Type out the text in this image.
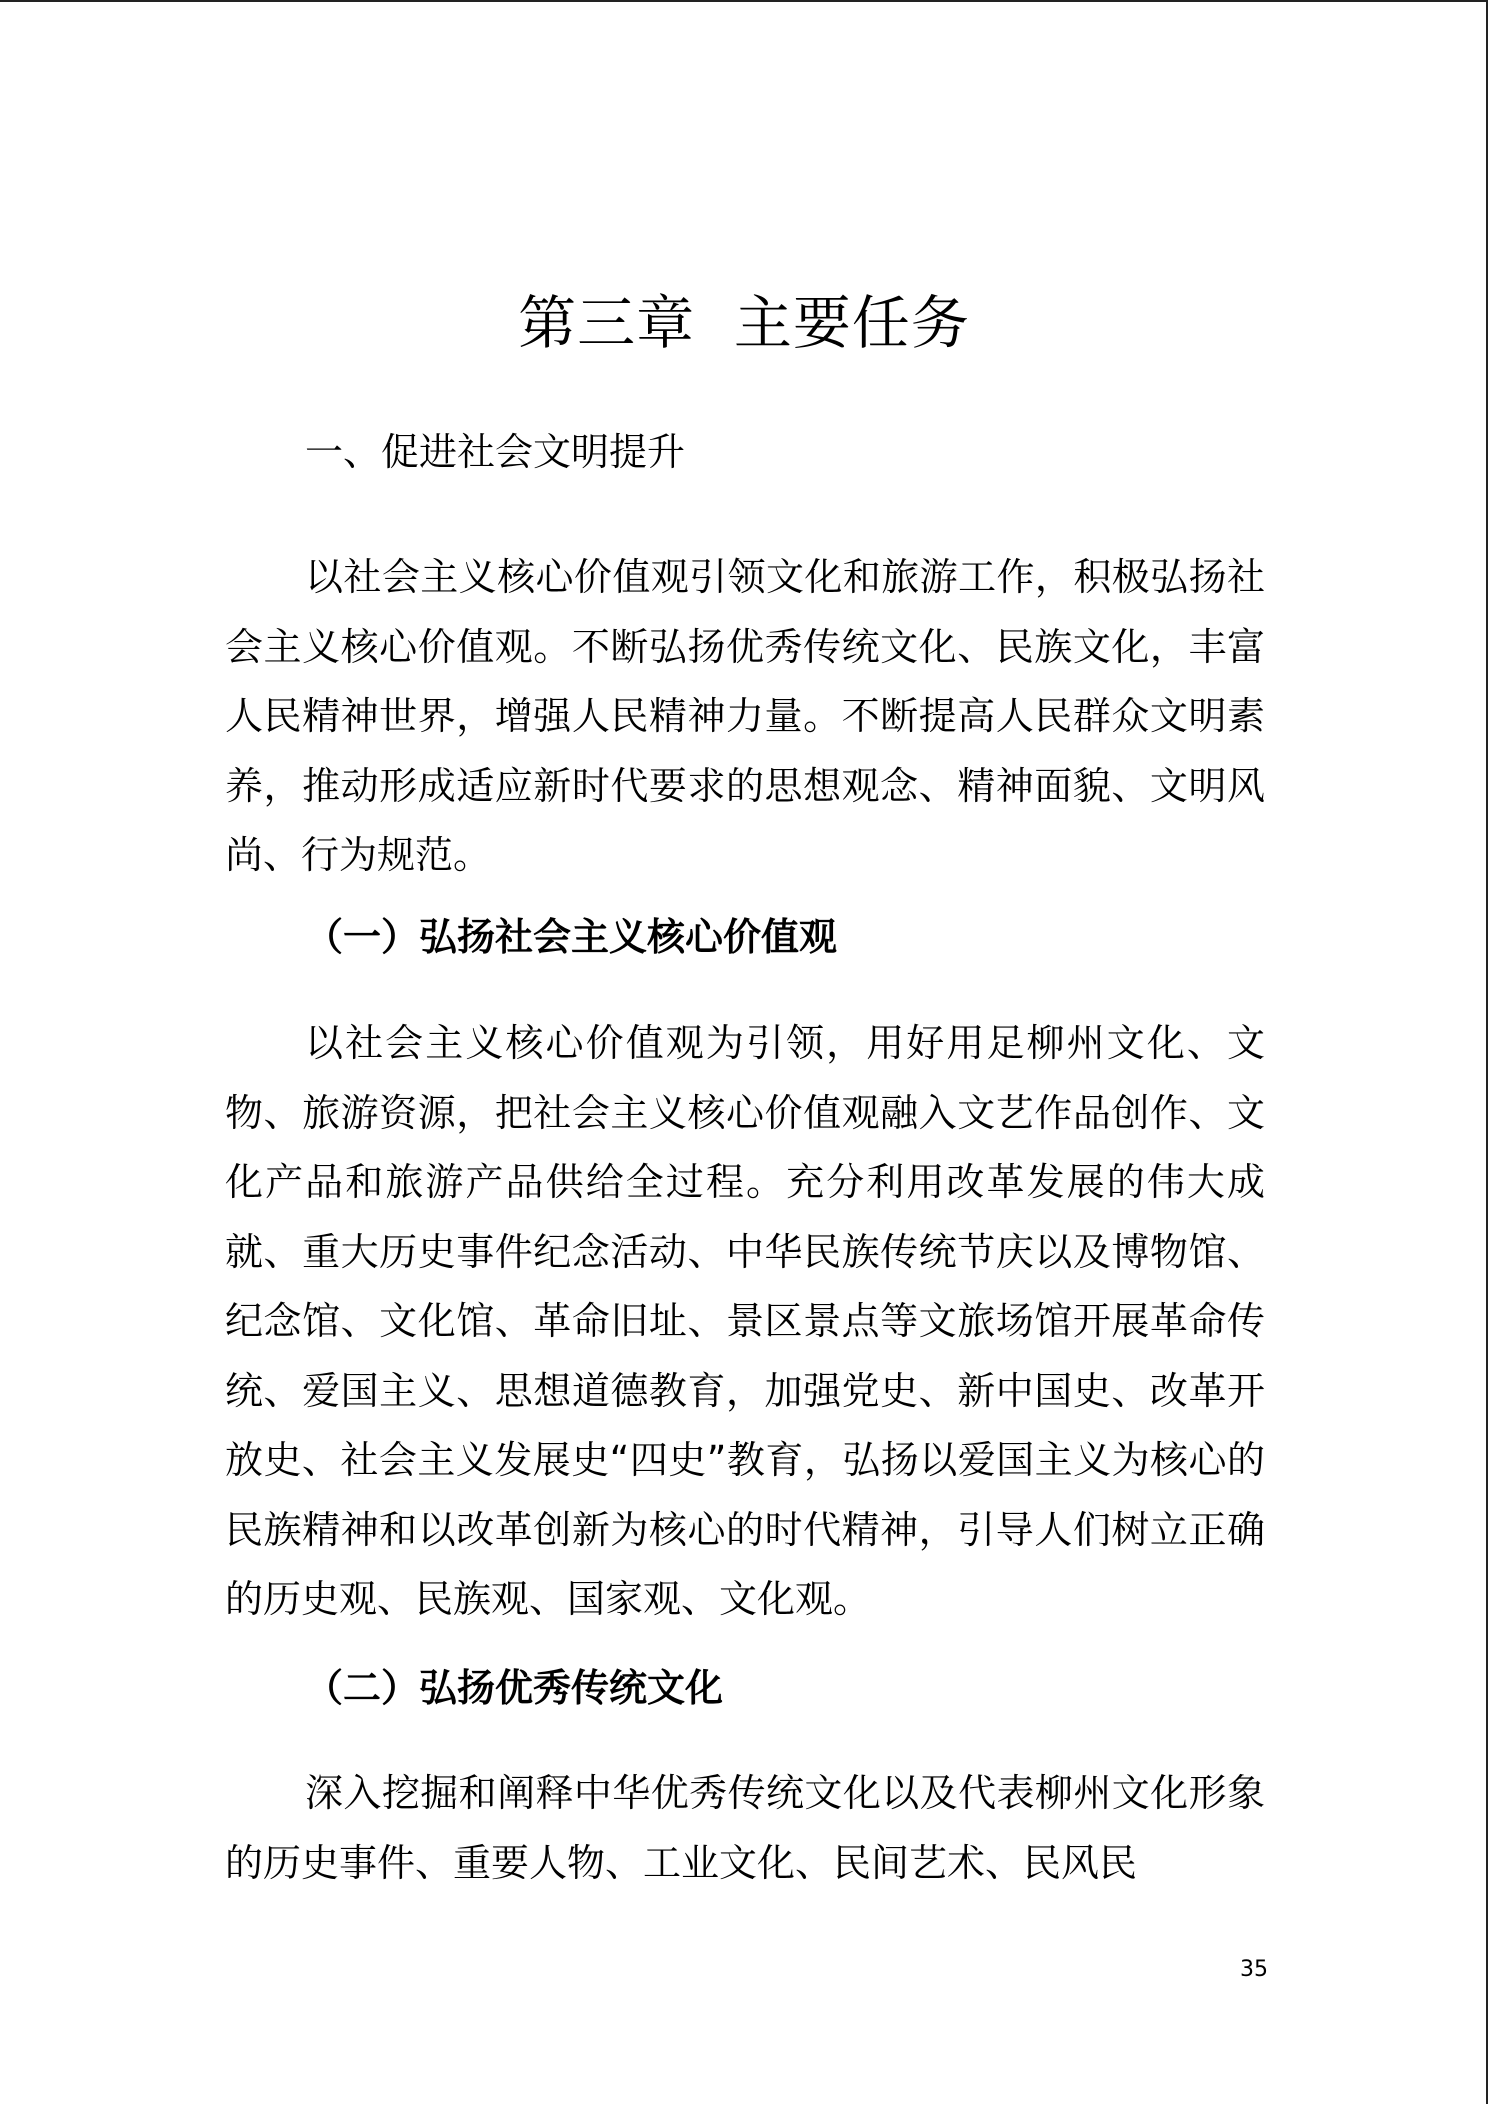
第三章  主要任务
一、促进社会文明提升
以社会主义核心价值观引领文化和旅游工作，积极弘扬社会主义核心价值观。不断弘扬优秀传统文化、民族文化，丰富人民精神世界，增强人民精神力量。不断提高人民群众文明素养，推动形成适应新时代要求的思想观念、精神面貌、文明风尚、行为规范。
（一）弘扬社会主义核心价值观
以社会主义核心价值观为引领，用好用足柳州文化、文物、旅游资源，把社会主义核心价值观融入文艺作品创作、文化产品和旅游产品供给全过程。充分利用改革发展的伟大成就、重大历史事件纪念活动、中华民族传统节庆以及博物馆、纪念馆、文化馆、革命旧址、景区景点等文旅场馆开展革命传统、爱国主义、思想道德教育，加强党史、新中国史、改革开放史、社会主义发展史“四史”教育，弘扬以爱国主义为核心的民族精神和以改革创新为核心的时代精神，引导人们树立正确的历史观、民族观、国家观、文化观。
（二）弘扬优秀传统文化
深入挖掘和阐释中华优秀传统文化以及代表柳州文化形象的历史事件、重要人物、工业文化、民间艺术、民风民
35
